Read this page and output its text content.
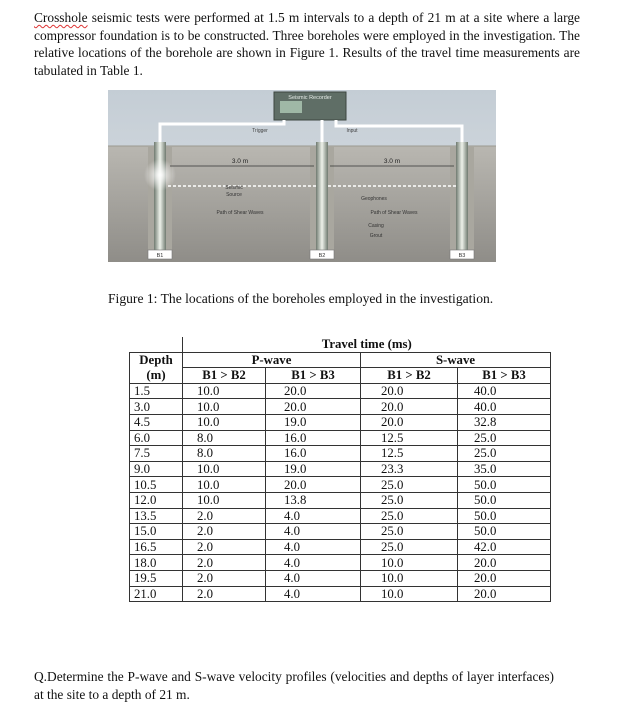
Crosshole seismic tests were performed at 1.5 m intervals to a depth of 21 m at a site where a large compressor foundation is to be constructed. Three boreholes were employed in the investigation. The relative locations of the borehole are shown in Figure 1. Results of the travel time measurements are tabulated in Table 1.
Seismic Recorder
Trigger	Input
3.0 m	3.0 m
Seismic
Source
Path of Shear Waves
Geophones
Path of Shear Waves
Casing
Grout
B1	B2	B3
Figure 1: The locations of the boreholes employed in the investigation.
	Travel time (ms)			
Depth	P-wave		S-wave	
(m)	B1 > B2	B1 > B3	B1 > B2	B1 > B3
1.5	10.0	20.0	20.0	40.0
3.0	10.0	20.0	20.0	40.0
4.5	10.0	19.0	20.0	32.8
6.0	8.0	16.0	12.5	25.0
7.5	8.0	16.0	12.5	25.0
9.0	10.0	19.0	23.3	35.0
10.5	10.0	20.0	25.0	50.0
12.0	10.0	13.8	25.0	50.0
13.5	2.0	4.0	25.0	50.0
15.0	2.0	4.0	25.0	50.0
16.5	2.0	4.0	25.0	42.0
18.0	2.0	4.0	10.0	20.0
19.5	2.0	4.0	10.0	20.0
21.0	2.0	4.0	10.0	20.0
Q.Determine the P-wave and S-wave velocity profiles (velocities and depths of layer interfaces) at the site to a depth of 21 m.
